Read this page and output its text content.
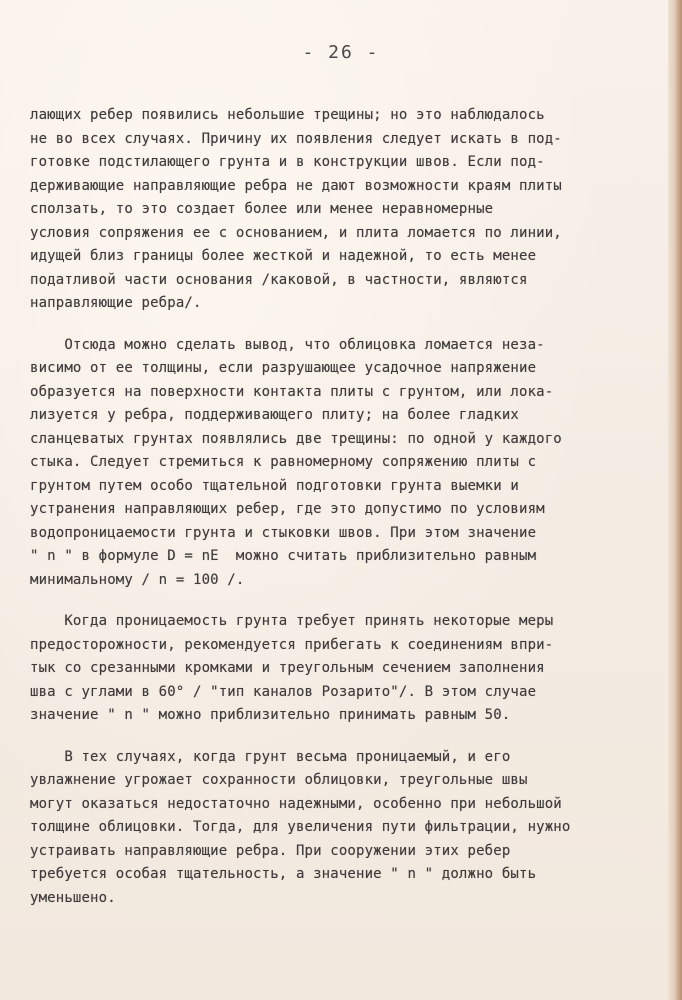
- 26 -
лающих ребер появились небольшие трещины; но это наблюдалось
не во всех случаях. Причину их появления следует искать в под-
готовке подстилающего грунта и в конструкции швов. Если под-
держивающие направляющие ребра не дают возможности краям плиты
сползать, то это создает более или менее неравномерные
условия сопряжения ее с основанием, и плита ломается по линии,
идущей близ границы более жесткой и надежной, то есть менее
податливой части основания /каковой, в частности, являются
направляющие ребра/.
Отсюда можно сделать вывод, что облицовка ломается неза-
висимо от ее толщины, если разрушающее усадочное напряжение
образуется на поверхности контакта плиты с грунтом, или лока-
лизуется у ребра, поддерживающего плиту; на более гладких
сланцеватых грунтах появлялись две трещины: по одной у каждого
стыка. Следует стремиться к равномерному сопряжению плиты с
грунтом путем особо тщательной подготовки грунта выемки и
устранения направляющих ребер, где это допустимо по условиям
водопроницаемости грунта и стыковки швов. При этом значение
" n " в формуле D = nE  можно считать приблизительно равным
минимальному / n = 100 /.
Когда проницаемость грунта требует принять некоторые меры
предосторожности, рекомендуется прибегать к соединениям впри-
тык со срезанными кромками и треугольным сечением заполнения
шва с углами в 60° / "тип каналов Розарито"/. В этом случае
значение " n " можно приблизительно принимать равным 50.
В тех случаях, когда грунт весьма проницаемый, и его
увлажнение угрожает сохранности облицовки, треугольные швы
могут оказаться недостаточно надежными, особенно при небольшой
толщине облицовки. Тогда, для увеличения пути фильтрации, нужно
устраивать направляющие ребра. При сооружении этих ребер
требуется особая тщательность, а значение " n " должно быть
уменьшено.
